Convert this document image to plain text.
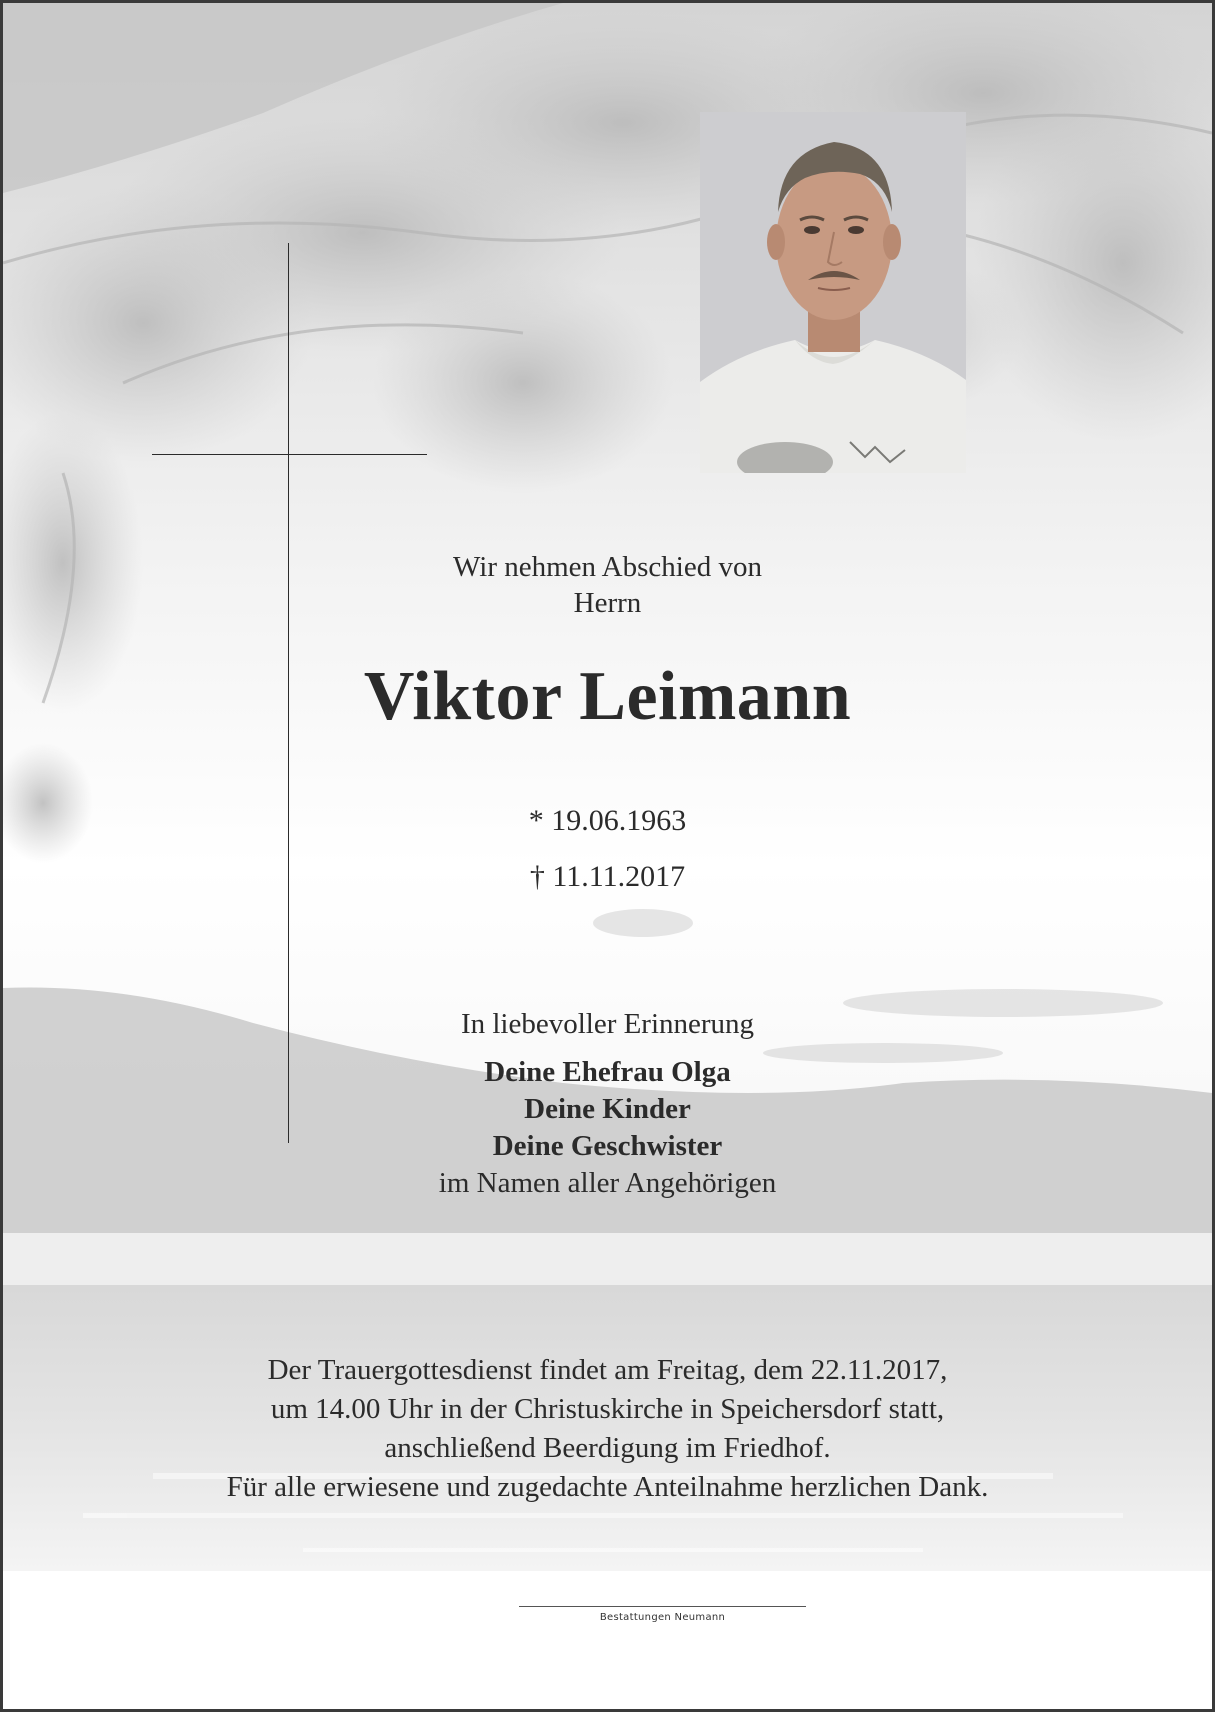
Wir nehmen Abschied von
Herrn
Viktor Leimann
* 19.06.1963
† 11.11.2017
In liebevoller Erinnerung
Deine Ehefrau Olga
Deine Kinder
Deine Geschwister
im Namen aller Angehörigen
Der Trauergottesdienst findet am Freitag, dem 22.11.2017,
um 14.00 Uhr in der Christuskirche in Speichersdorf statt,
anschließend Beerdigung im Friedhof.
Für alle erwiesene und zugedachte Anteilnahme herzlichen Dank.
Bestattungen Neumann
